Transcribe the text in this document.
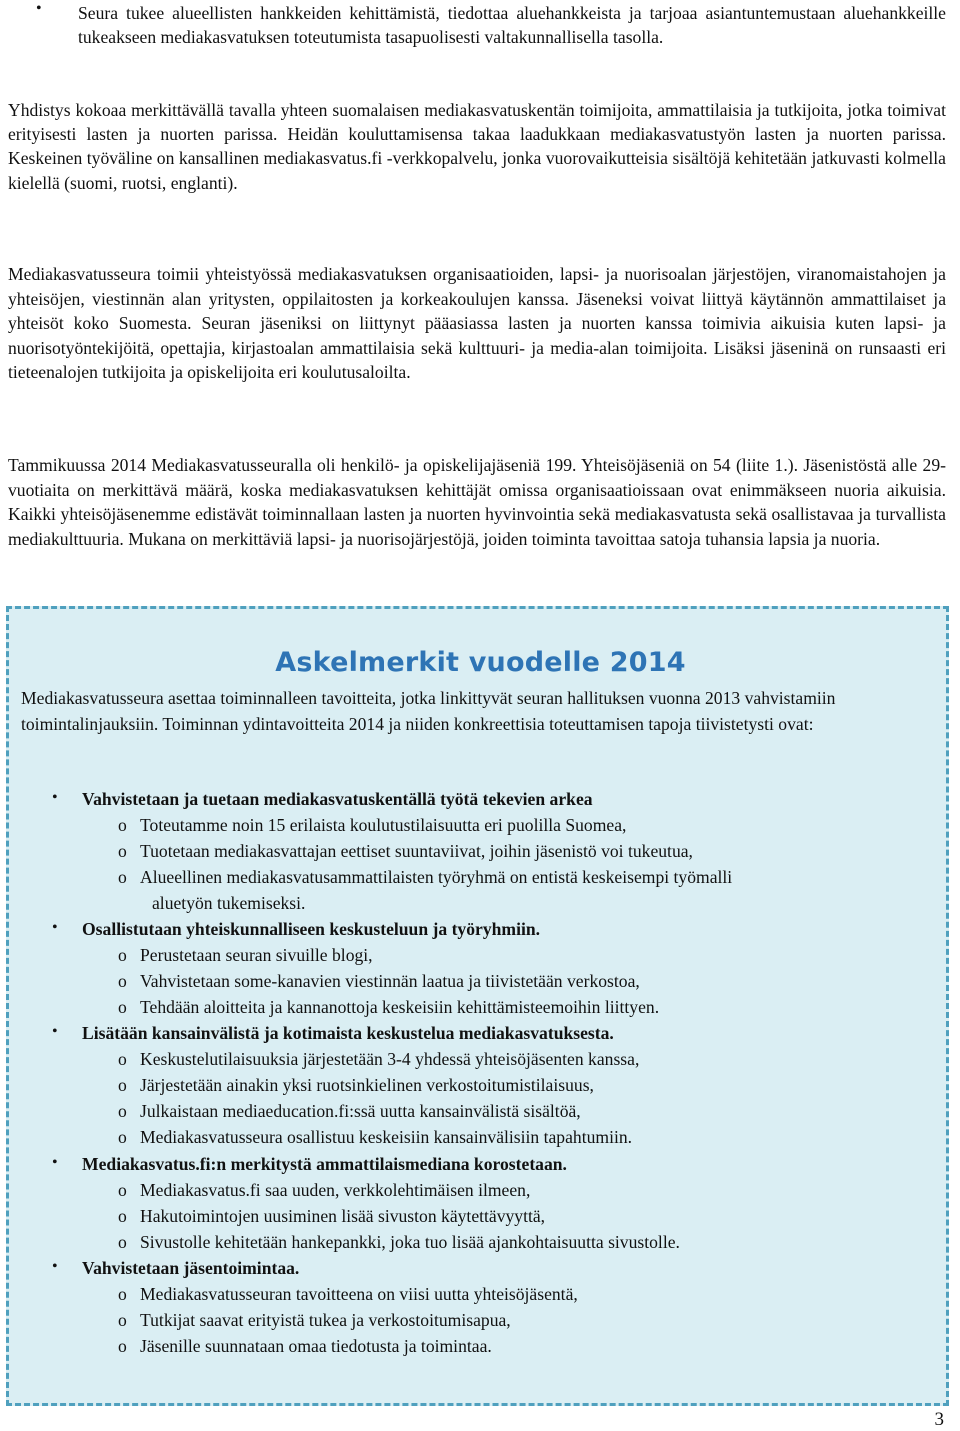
• Seura tukee alueellisten hankkeiden kehittämistä, tiedottaa aluehankkeista ja tarjoaa asiantuntemustaan aluehankkeille tukeakseen mediakasvatuksen toteutumista tasapuolisesti valtakunnallisella tasolla.

Yhdistys kokoaa merkittävällä tavalla yhteen suomalaisen mediakasvatuskentän toimijoita, ammattilaisia ja tutkijoita, jotka toimivat erityisesti lasten ja nuorten parissa. Heidän kouluttamisensa takaa laadukkaan mediakasvatustyön lasten ja nuorten parissa. Keskeinen työväline on kansallinen mediakasvatus.fi -verkkopalvelu, jonka vuorovaikutteisia sisältöjä kehitetään jatkuvasti kolmella kielellä (suomi, ruotsi, englanti).

Mediakasvatusseura toimii yhteistyössä mediakasvatuksen organisaatioiden, lapsi- ja nuorisoalan järjestöjen, viranomaistahojen ja yhteisöjen, viestinnän alan yritysten, oppilaitosten ja korkeakoulujen kanssa. Jäseneksi voivat liittyä käytännön ammattilaiset ja yhteisöt koko Suomesta. Seuran jäseniksi on liittynyt pääasiassa lasten ja nuorten kanssa toimivia aikuisia kuten lapsi- ja nuorisotyöntekijöitä, opettajia, kirjastoalan ammattilaisia sekä kulttuuri- ja media-alan toimijoita. Lisäksi jäseninä on runsaasti eri tieteenalojen tutkijoita ja opiskelijoita eri koulutusaloilta.

Tammikuussa 2014 Mediakasvatusseuralla oli henkilö- ja opiskelijajäseniä 199. Yhteisöjäseniä on 54 (liite 1.). Jäsenistöstä alle 29-vuotiaita on merkittävä määrä, koska mediakasvatuksen kehittäjät omissa organisaatioissaan ovat enimmäkseen nuoria aikuisia. Kaikki yhteisöjäsenemme edistävät toiminnallaan lasten ja nuorten hyvinvointia sekä mediakasvatusta sekä osallistavaa ja turvallista mediakulttuuria. Mukana on merkittäviä lapsi- ja nuorisojärjestöjä, joiden toiminta tavoittaa satoja tuhansia lapsia ja nuoria.

Askelmerkit vuodelle 2014

Mediakasvatusseura asettaa toiminnalleen tavoitteita, jotka linkittyvät seuran hallituksen vuonna 2013 vahvistamiin toimintalinjauksiin. Toiminnan ydintavoitteita 2014 ja niiden konkreettisia toteuttamisen tapoja tiivistetysti ovat:

• Vahvistetaan ja tuetaan mediakasvatuskentällä työtä tekevien arkea
o Toteutamme noin 15 erilaista koulutustilaisuutta eri puolilla Suomea,
o Tuotetaan mediakasvattajan eettiset suuntaviivat, joihin jäsenistö voi tukeutua,
o Alueellinen mediakasvatusammattilaisten työryhmä on entistä keskeisempi työmalli
aluetyön tukemiseksi.
• Osallistutaan yhteiskunnalliseen keskusteluun ja työryhmiin.
o Perustetaan seuran sivuille blogi,
o Vahvistetaan some-kanavien viestinnän laatua ja tiivistetään verkostoa,
o Tehdään aloitteita ja kannanottoja keskeisiin kehittämisteemoihin liittyen.
• Lisätään kansainvälistä ja kotimaista keskustelua mediakasvatuksesta.
o Keskustelutilaisuuksia järjestetään 3-4 yhdessä yhteisöjäsenten kanssa,
o Järjestetään ainakin yksi ruotsinkielinen verkostoitumistilaisuus,
o Julkaistaan mediaeducation.fi:ssä uutta kansainvälistä sisältöä,
o Mediakasvatusseura osallistuu keskeisiin kansainvälisiin tapahtumiin.
• Mediakasvatus.fi:n merkitystä ammattilaismediana korostetaan.
o Mediakasvatus.fi saa uuden, verkkolehtimäisen ilmeen,
o Hakutoimintojen uusiminen lisää sivuston käytettävyyttä,
o Sivustolle kehitetään hankepankki, joka tuo lisää ajankohtaisuutta sivustolle.
• Vahvistetaan jäsentoimintaa.
o Mediakasvatusseuran tavoitteena on viisi uutta yhteisöjäsentä,
o Tutkijat saavat erityistä tukea ja verkostoitumisapua,
o Jäsenille suunnataan omaa tiedotusta ja toimintaa.
3
